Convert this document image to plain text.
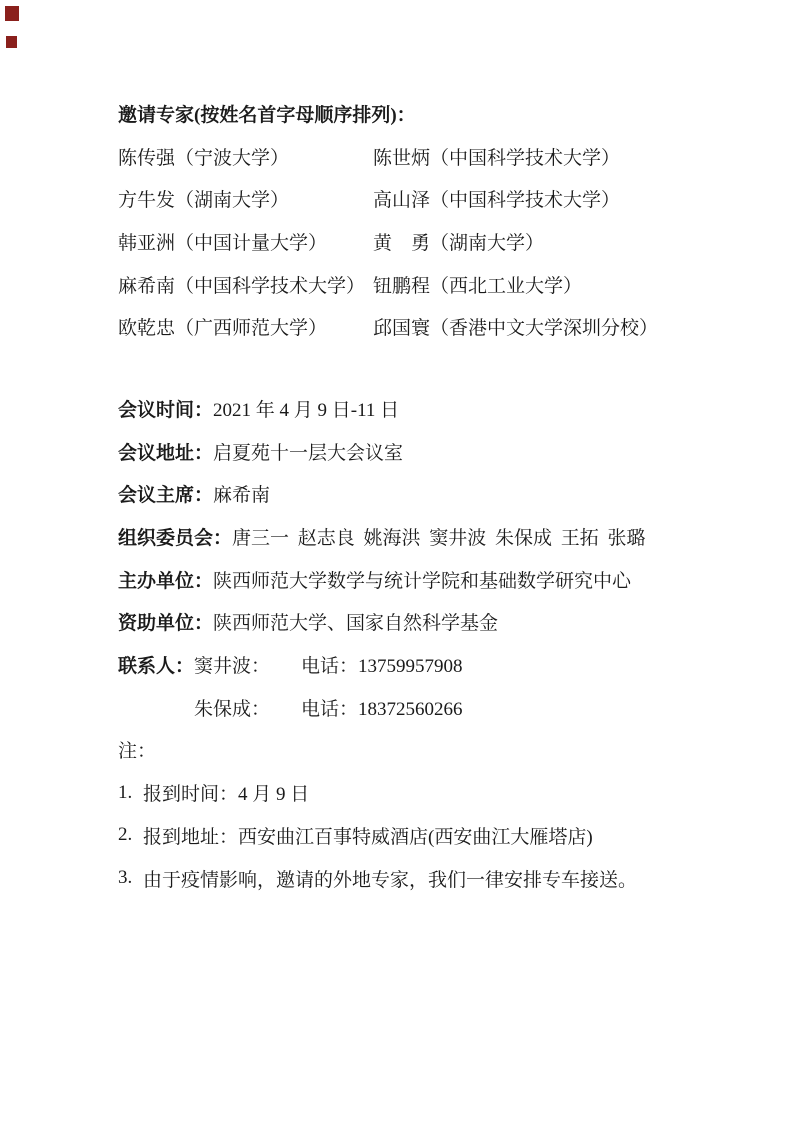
邀请专家(按姓名首字母顺序排列)：
陈传强（宁波大学）	陈世炳（中国科学技术大学）
方牛发（湖南大学）	高山泽（中国科学技术大学）
韩亚洲（中国计量大学）	黄　勇（湖南大学）
麻希南（中国科学技术大学） 钮鹏程（西北工业大学）
欧乾忠（广西师范大学）	邱国寰（香港中文大学深圳分校）
会议时间： 2021 年 4 月 9 日-11 日
会议地址： 启夏苑十一层大会议室
会议主席： 麻希南
组织委员会： 唐三一 赵志良 姚海洪 窦井波 朱保成 王拓 张璐
主办单位： 陕西师范大学数学与统计学院和基础数学研究中心
资助单位： 陕西师范大学、国家自然科学基金
联系人： 窦井波：	电话：13759957908
朱保成：	电话：18372560266
注：
1. 报到时间：4 月 9 日
2. 报到地址：西安曲江百事特威酒店(西安曲江大雁塔店)
3. 由于疫情影响，邀请的外地专家，我们一律安排专车接送。
